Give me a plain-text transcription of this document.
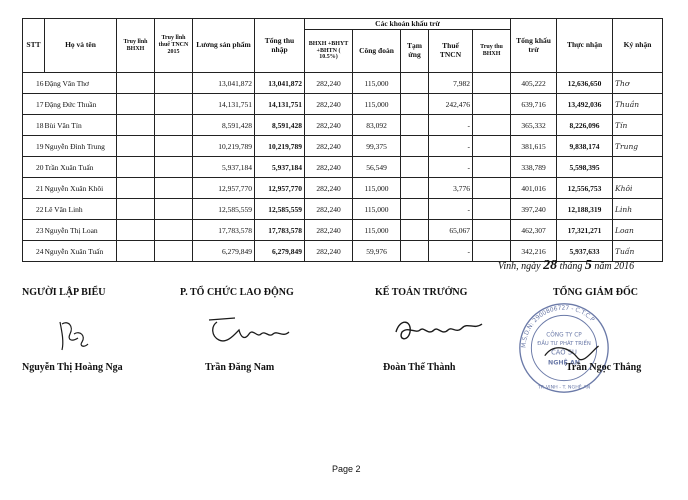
STT	Họ và tên	Truy lĩnh BHXH	Truy lĩnh thuế TNCN 2015	Lương sản phẩm	Tổng thu nhập	Các khoản khấu trừ					Tổng khấu trừ	Thực nhận	Ký nhận
						BHXH +BHYT +BHTN ( 10.5%)	Công đoàn	Tạm ứng	Thuế TNCN	Truy thu BHXH			
16	Đặng Văn Thơ			13,041,872	13,041,872	282,240	115,000		7,982		405,222	12,636,650	Thơ
17	Đặng Đức Thuần			14,131,751	14,131,751	282,240	115,000		242,476		639,716	13,492,036	Thuần
18	Bùi Văn Tín			8,591,428	8,591,428	282,240	83,092		-		365,332	8,226,096	Tín
19	Nguyễn Đình Trung			10,219,789	10,219,789	282,240	99,375		-		381,615	9,838,174	Trung
20	Trần Xuân Tuấn			5,937,184	5,937,184	282,240	56,549		-		338,789	5,598,395	
21	Nguyễn Xuân Khôi			12,957,770	12,957,770	282,240	115,000		3,776		401,016	12,556,753	Khôi
22	Lê Văn Linh			12,585,559	12,585,559	282,240	115,000		-		397,240	12,188,319	Linh
23	Nguyễn Thị Loan			17,783,578	17,783,578	282,240	115,000		65,067		462,307	17,321,271	Loan
24	Nguyễn Xuân Tuấn			6,279,849	6,279,849	282,240	59,976		-		342,216	5,937,633	Tuấn
Vinh, ngày 28 tháng 5 năm 2016
NGƯỜI LẬP BIỂU	P. TỔ CHỨC LAO ĐỘNG	KẾ TOÁN TRƯỞNG	TỔNG GIÁM ĐỐC
M.S.D.N: 2900806727 - C.T.C.P
TP. VINH - T. NGHỆ AN
CÔNG TY CP
ĐẦU TƯ PHÁT TRIỂN
CAO SU
NGHỆ AN
Nguyễn Thị Hoàng Nga	Trần Đăng Nam	Đoàn Thế Thành	Trần Ngọc Thắng
Page 2
